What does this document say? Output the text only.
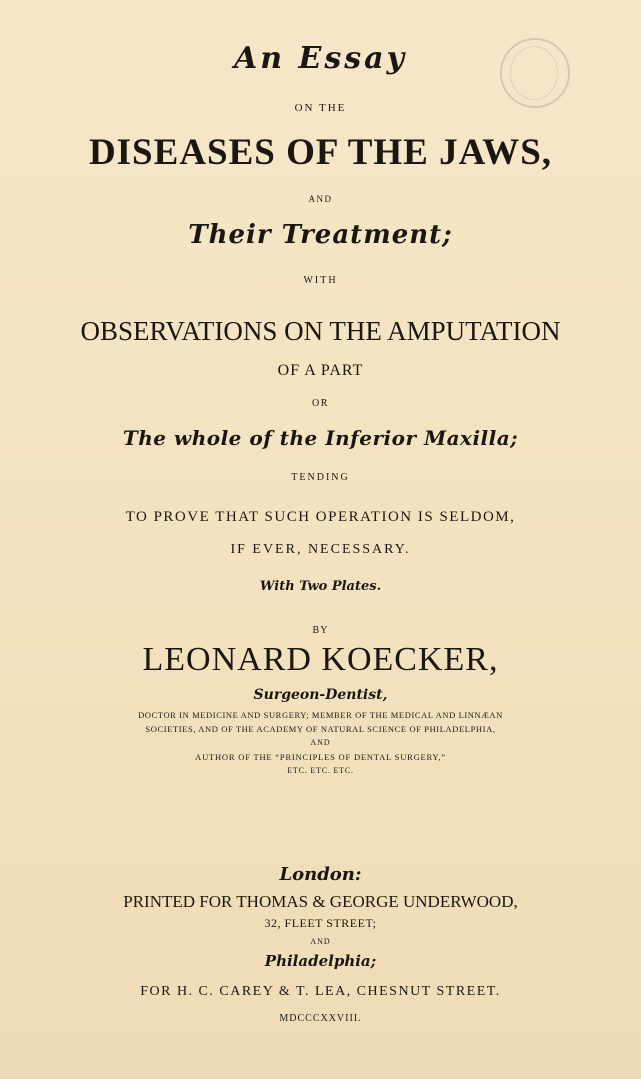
An Essay
ON THE
DISEASES OF THE JAWS,
AND
Their Treatment;
WITH
OBSERVATIONS ON THE AMPUTATION
OF A PART
OR
The whole of the Inferior Maxilla;
TENDING
TO PROVE THAT SUCH OPERATION IS SELDOM,
IF EVER, NECESSARY.
With Two Plates.
BY
LEONARD KOECKER,
Surgeon-Dentist,
DOCTOR IN MEDICINE AND SURGERY; MEMBER OF THE MEDICAL AND LINNÆAN
SOCIETIES, AND OF THE ACADEMY OF NATURAL SCIENCE OF PHILADELPHIA,
AND
AUTHOR OF THE “PRINCIPLES OF DENTAL SURGERY,”
ETC. ETC. ETC.
London:
PRINTED FOR THOMAS & GEORGE UNDERWOOD,
32, FLEET STREET;
AND
Philadelphia;
FOR H. C. CAREY & T. LEA, CHESNUT STREET.
MDCCCXXVIII.
